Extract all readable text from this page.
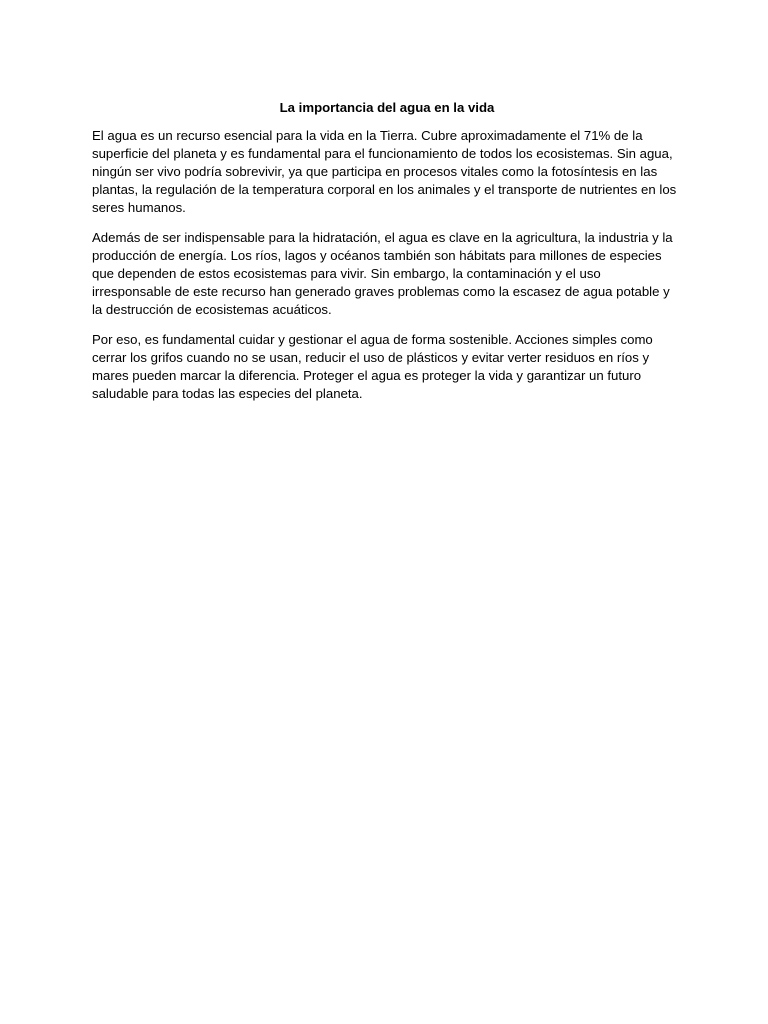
La importancia del agua en la vida

El agua es un recurso esencial para la vida en la Tierra. Cubre aproximadamente el 71% de la superficie del planeta y es fundamental para el funcionamiento de todos los ecosistemas. Sin agua, ningún ser vivo podría sobrevivir, ya que participa en procesos vitales como la fotosíntesis en las plantas, la regulación de la temperatura corporal en los animales y el transporte de nutrientes en los seres humanos.

Además de ser indispensable para la hidratación, el agua es clave en la agricultura, la industria y la producción de energía. Los ríos, lagos y océanos también son hábitats para millones de especies que dependen de estos ecosistemas para vivir. Sin embargo, la contaminación y el uso irresponsable de este recurso han generado graves problemas como la escasez de agua potable y la destrucción de ecosistemas acuáticos.

Por eso, es fundamental cuidar y gestionar el agua de forma sostenible. Acciones simples como cerrar los grifos cuando no se usan, reducir el uso de plásticos y evitar verter residuos en ríos y mares pueden marcar la diferencia. Proteger el agua es proteger la vida y garantizar un futuro saludable para todas las especies del planeta.
